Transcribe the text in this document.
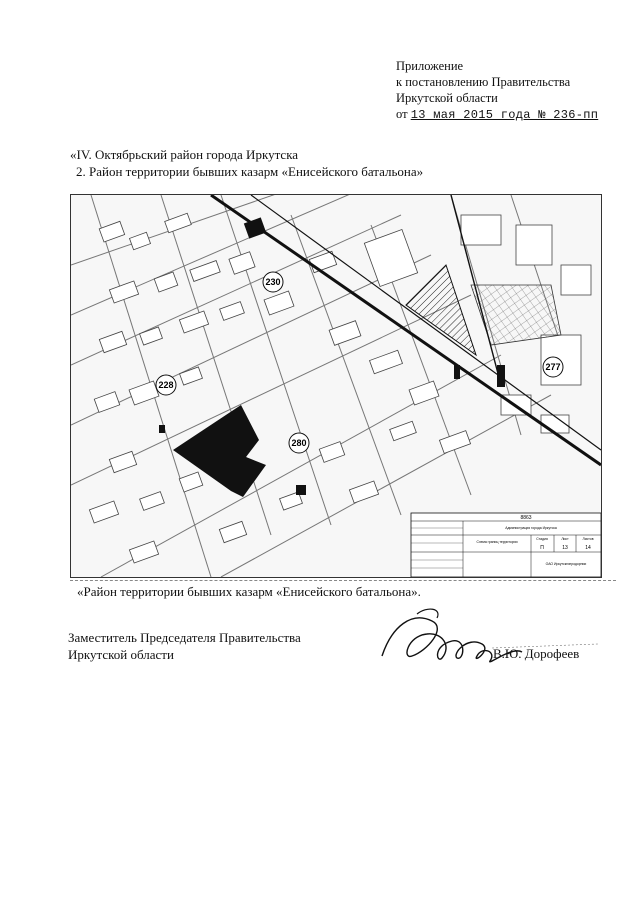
Приложение
к постановлению Правительства
Иркутской области
от 13 мая 2015 года № 236-пп
«IV. Октябрьский район города Иркутска
2. Район территории бывших казарм «Енисейского батальона»
230
228
280
277
8863
Администрация города Иркутска
Схема границ территории
Стадия	Лист	Листов
П	13	14
ОАО Иркутскгипродорнии
«Район территории бывших казарм «Енисейского батальона».
Заместитель Председателя Правительства
Иркутской области	В.Ю. Дорофеев
